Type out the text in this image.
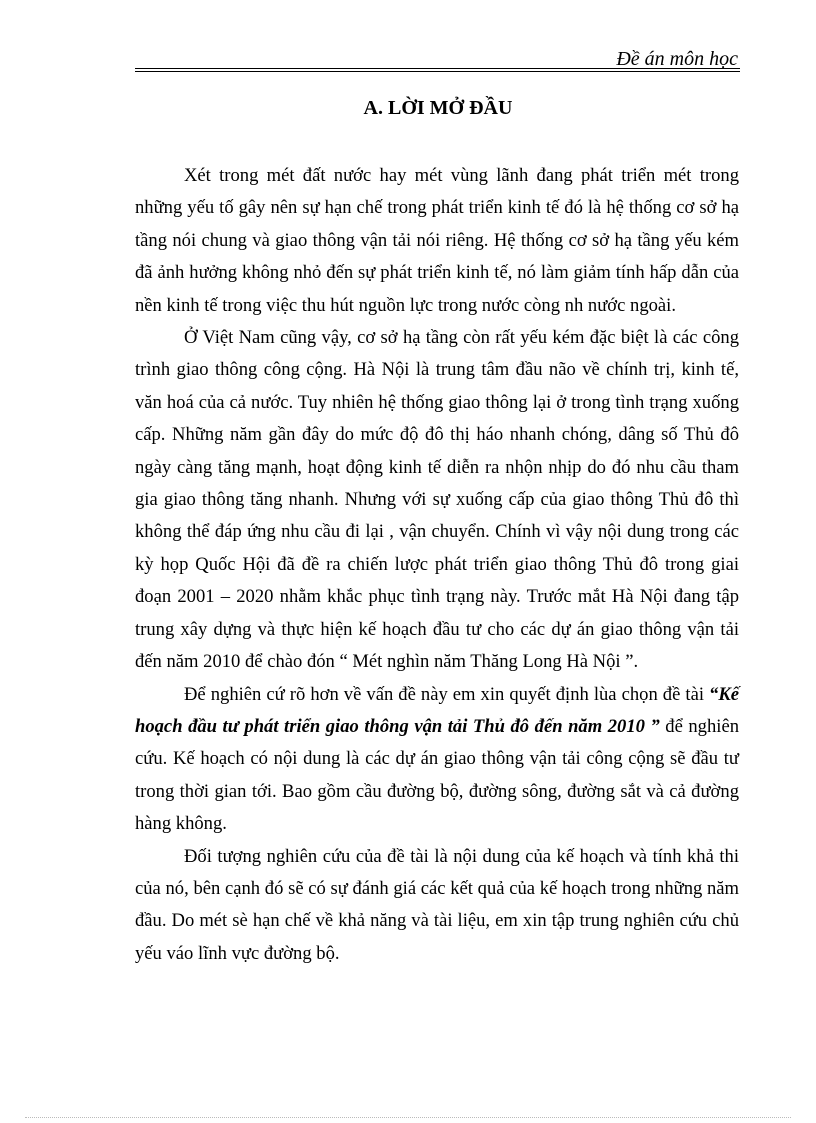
Đề án môn học
A. LỜI MỞ ĐẦU

Xét trong mét đất nước hay mét vùng lãnh đang phát triển mét trong những yếu tố gây nên sự hạn chế trong phát triển kinh tế đó là hệ thống cơ sở hạ tầng nói chung và giao thông vận tải nói riêng. Hệ thống cơ sở hạ tầng yếu kém đã ảnh hưởng không nhỏ đến sự phát triển kinh tế, nó làm giảm tính hấp dẫn của nền kinh tế trong việc thu hút nguồn lực trong nước còng nh nước ngoài.

Ở Việt Nam cũng vậy, cơ sở hạ tầng còn rất yếu kém đặc biệt là các công trình giao thông công cộng. Hà Nội là trung tâm đầu não về chính trị, kinh tế, văn hoá của cả nước. Tuy nhiên hệ thống giao thông lại ở trong tình trạng xuống cấp. Những năm gần đây do mức độ đô thị háo nhanh chóng, dâng số Thủ đô ngày càng tăng mạnh, hoạt động kinh tế diễn ra nhộn nhịp do đó nhu cầu tham gia giao thông tăng nhanh. Nhưng với sự xuống cấp của giao thông Thủ đô thì không thể đáp ứng nhu cầu đi lại , vận chuyển. Chính vì vậy nội dung trong các kỳ họp Quốc Hội đã đề ra chiến lược phát triển giao thông Thủ đô trong giai đoạn 2001 – 2020 nhằm khắc phục tình trạng này. Trước mắt Hà Nội đang tập trung xây dựng và thực hiện kế hoạch đầu tư cho các dự án giao thông vận tải đến năm 2010 để chào đón “ Mét nghìn năm Thăng Long Hà Nội ”.

Để nghiên cứ rõ hơn về vấn đề này em xin quyết định lùa chọn đề tài “Kế hoạch đầu tư phát triển giao thông vận tải Thủ đô đến năm 2010 ” để nghiên cứu. Kế hoạch có nội dung là các dự án giao thông vận tải công cộng sẽ đầu tư trong thời gian tới. Bao gồm cầu đường bộ, đường sông, đường sắt và cả đường hàng không.

Đối tượng nghiên cứu của đề tài là nội dung của kế hoạch và tính khả thi của nó, bên cạnh đó sẽ có sự đánh giá các kết quả của kế hoạch trong những năm đầu. Do mét sè hạn chế về khả năng và tài liệu, em xin tập trung nghiên cứu chủ yếu váo lĩnh vực đường bộ.
